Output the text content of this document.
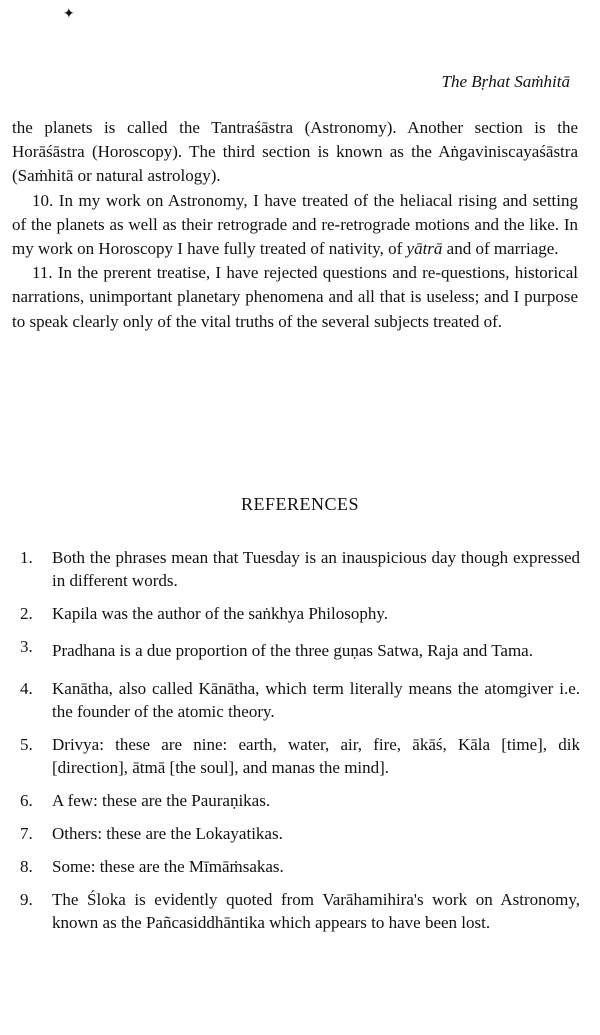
✦
The Bṛhat Saṁhitā

the planets is called the Tantraśāstra (Astronomy). Another section is the Horāśāstra (Horoscopy). The third section is known as the Aṅgaviniscayaśāstra (Saṁhitā or natural astrology).

10. In my work on Astronomy, I have treated of the heliacal rising and setting of the planets as well as their retrograde and re-retrograde motions and the like. In my work on Horoscopy I have fully treated of nativity, of yātrā and of marriage.

11. In the prerent treatise, I have rejected questions and re-questions, historical narrations, unimportant planetary phenomena and all that is useless; and I purpose to speak clearly only of the vital truths of the several subjects treated of.

REFERENCES
1.	Both the phrases mean that Tuesday is an inauspicious day though expressed in different words.
2.	Kapila was the author of the saṅkhya Philosophy.
3.	Pradhana is a due proportion of the three guṇas Satwa, Raja and Tama.
4.	Kanātha, also called Kānātha, which term literally means the atomgiver i.e. the founder of the atomic theory.
5.	Drivya: these are nine: earth, water, air, fire, ākāś, Kāla [time], dik [direction], ātmā [the soul], and manas the mind].
6.	A few: these are the Pauraṇikas.
7.	Others: these are the Lokayatikas.
8.	Some: these are the Mīmāṁsakas.
9.	The Śloka is evidently quoted from Varāhamihira's work on Astronomy, known as the Pañcasiddhāntika which appears to have been lost.
